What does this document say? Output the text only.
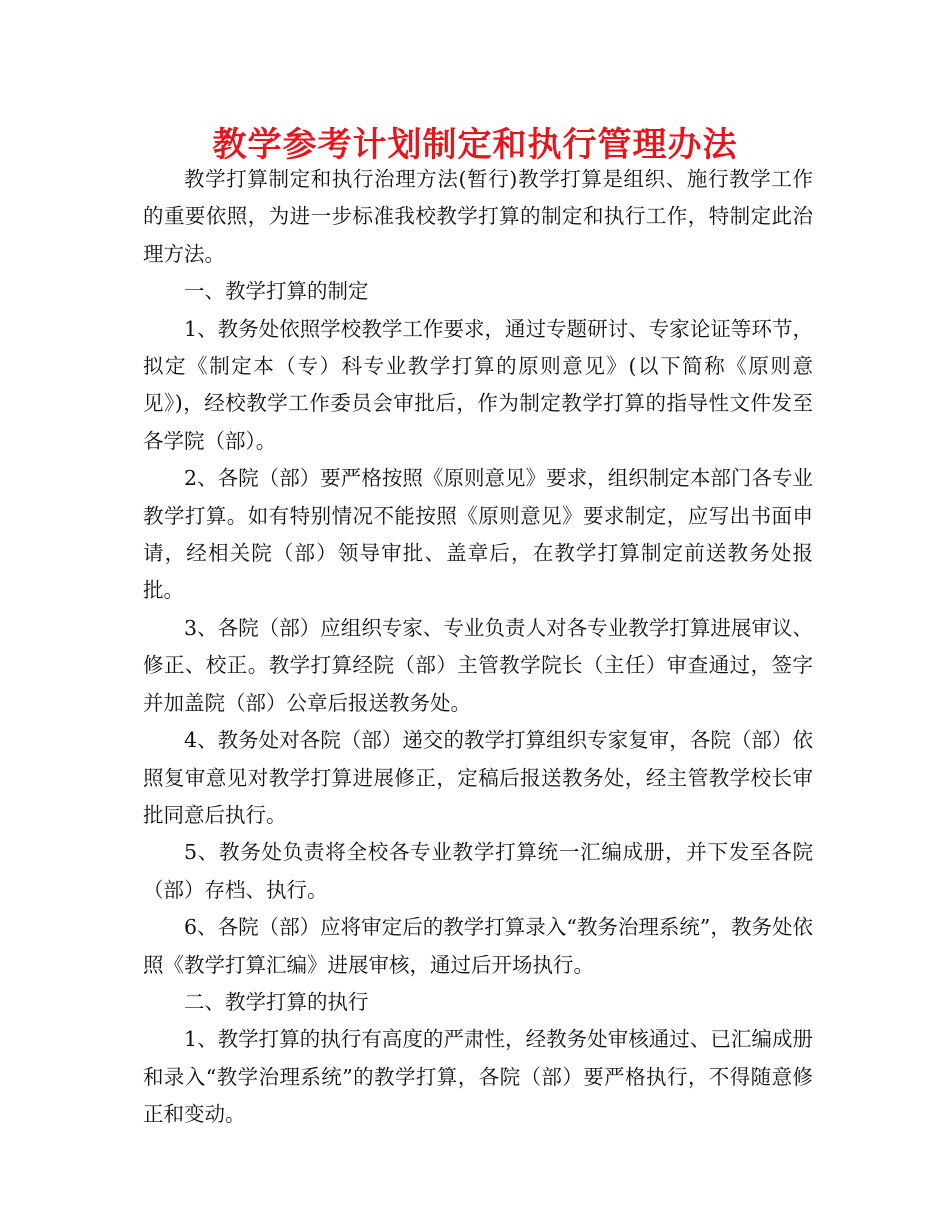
教学参考计划制定和执行管理办法

教学打算制定和执行治理方法(暂行)教学打算是组织、施行教学工作的重要依照，为进一步标准我校教学打算的制定和执行工作，特制定此治理方法。

一、教学打算的制定

1、教务处依照学校教学工作要求，通过专题研讨、专家论证等环节，拟定《制定本（专）科专业教学打算的原则意见》(以下简称《原则意见》)，经校教学工作委员会审批后，作为制定教学打算的指导性文件发至各学院（部）。

2、各院（部）要严格按照《原则意见》要求，组织制定本部门各专业教学打算。如有特别情况不能按照《原则意见》要求制定，应写出书面申请，经相关院（部）领导审批、盖章后，在教学打算制定前送教务处报批。

3、各院（部）应组织专家、专业负责人对各专业教学打算进展审议、修正、校正。教学打算经院（部）主管教学院长（主任）审查通过，签字并加盖院（部）公章后报送教务处。

4、教务处对各院（部）递交的教学打算组织专家复审，各院（部）依照复审意见对教学打算进展修正，定稿后报送教务处，经主管教学校长审批同意后执行。

5、教务处负责将全校各专业教学打算统一汇编成册，并下发至各院（部）存档、执行。

6、各院（部）应将审定后的教学打算录入“教务治理系统”，教务处依照《教学打算汇编》进展审核，通过后开场执行。

二、教学打算的执行

1、教学打算的执行有高度的严肃性，经教务处审核通过、已汇编成册和录入“教学治理系统”的教学打算，各院（部）要严格执行，不得随意修正和变动。
